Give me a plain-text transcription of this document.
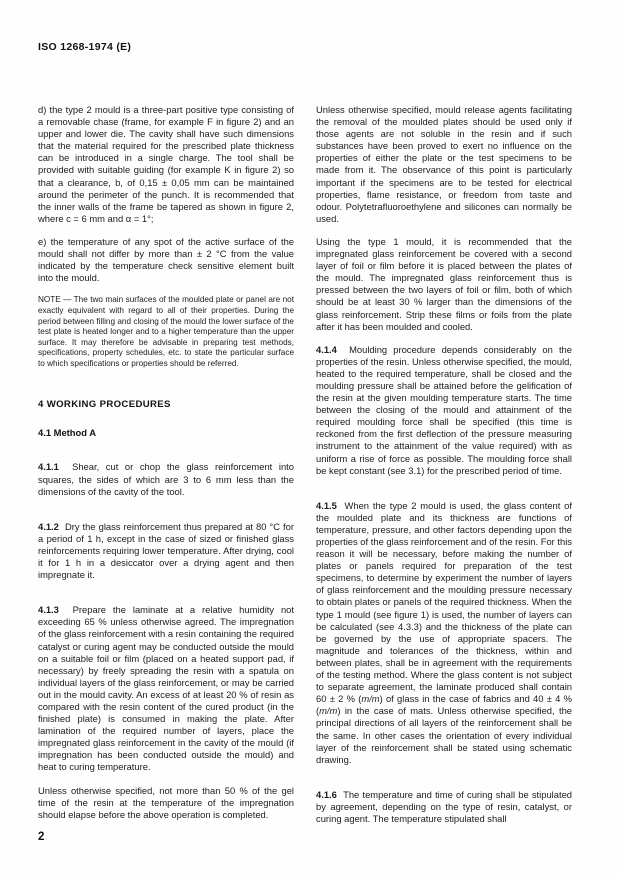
ISO 1268-1974 (E)

d) the type 2 mould is a three-part positive type consisting of a removable chase (frame, for example F in figure 2) and an upper and lower die. The cavity shall have such dimensions that the material required for the prescribed plate thickness can be introduced in a single charge. The tool shall be provided with suitable guiding (for example K in figure 2) so that a clearance, b, of 0,15 ± 0,05 mm can be maintained around the perimeter of the punch. It is recommended that the inner walls of the frame be tapered as shown in figure 2, where c = 6 mm and α = 1°;

e) the temperature of any spot of the active surface of the mould shall not differ by more than ± 2 °C from the value indicated by the temperature check sensitive element built into the mould.

NOTE — The two main surfaces of the moulded plate or panel are not exactly equivalent with regard to all of their properties. During the period between filling and closing of the mould the lower surface of the test plate is heated longer and to a higher temperature than the upper surface. It may therefore be advisable in preparing test methods, specifications, property schedules, etc. to state the particular surface to which specifications or properties should be referred.

4 WORKING PROCEDURES
4.1 Method A

4.1.1 Shear, cut or chop the glass reinforcement into squares, the sides of which are 3 to 6 mm less than the dimensions of the cavity of the tool.

4.1.2 Dry the glass reinforcement thus prepared at 80 °C for a period of 1 h, except in the case of sized or finished glass reinforcements requiring lower temperature. After drying, cool it for 1 h in a desiccator over a drying agent and then impregnate it.

4.1.3 Prepare the laminate at a relative humidity not exceeding 65 % unless otherwise agreed. The impregnation of the glass reinforcement with a resin containing the required catalyst or curing agent may be conducted outside the mould on a suitable foil or film (placed on a heated support pad, if necessary) by freely spreading the resin with a spatula on individual layers of the glass reinforcement, or may be carried out in the mould cavity. An excess of at least 20 % of resin as compared with the resin content of the cured product (in the finished plate) is consumed in making the plate. After lamination of the required number of layers, place the impregnated glass reinforcement in the cavity of the mould (if impregnation has been conducted outside the mould) and heat to curing temperature.

Unless otherwise specified, not more than 50 % of the gel time of the resin at the temperature of the impregnation should elapse before the above operation is completed.

Unless otherwise specified, mould release agents facilitating the removal of the moulded plates should be used only if those agents are not soluble in the resin and if such substances have been proved to exert no influence on the properties of either the plate or the test specimens to be made from it. The observance of this point is particularly important if the specimens are to be tested for electrical properties, flame resistance, or freedom from taste and odour. Polytetrafluoroethylene and silicones can normally be used.

Using the type 1 mould, it is recommended that the impregnated glass reinforcement be covered with a second layer of foil or film before it is placed between the plates of the mould. The impregnated glass reinforcement thus is pressed between the two layers of foil or film, both of which should be at least 30 % larger than the dimensions of the glass reinforcement. Strip these films or foils from the plate after it has been moulded and cooled.

4.1.4 Moulding procedure depends considerably on the properties of the resin. Unless otherwise specified, the mould, heated to the required temperature, shall be closed and the moulding pressure shall be attained before the gelification of the resin at the given moulding temperature starts. The time between the closing of the mould and attainment of the required moulding force shall be specified (this time is reckoned from the first deflection of the pressure measuring instrument to the attainment of the value required) with as uniform a rise of force as possible. The moulding force shall be kept constant (see 3.1) for the prescribed period of time.

4.1.5 When the type 2 mould is used, the glass content of the moulded plate and its thickness are functions of temperature, pressure, and other factors depending upon the properties of the glass reinforcement and of the resin. For this reason it will be necessary, before making the number of plates or panels required for preparation of the test specimens, to determine by experiment the number of layers of glass reinforcement and the moulding pressure necessary to obtain plates or panels of the required thickness. When the type 1 mould (see figure 1) is used, the number of layers can be calculated (see 4.3.3) and the thickness of the plate can be governed by the use of appropriate spacers. The magnitude and tolerances of the thickness, within and between plates, shall be in agreement with the requirements of the testing method. Where the glass content is not subject to separate agreement, the laminate produced shall contain 60 ± 2 % (m/m) of glass in the case of fabrics and 40 ± 4 % (m/m) in the case of mats. Unless otherwise specified, the principal directions of all layers of the reinforcement shall be the same. In other cases the orientation of every individual layer of the reinforcement shall be stated using schematic drawing.

4.1.6 The temperature and time of curing shall be stipulated by agreement, depending on the type of resin, catalyst, or curing agent. The temperature stipulated shall

2
